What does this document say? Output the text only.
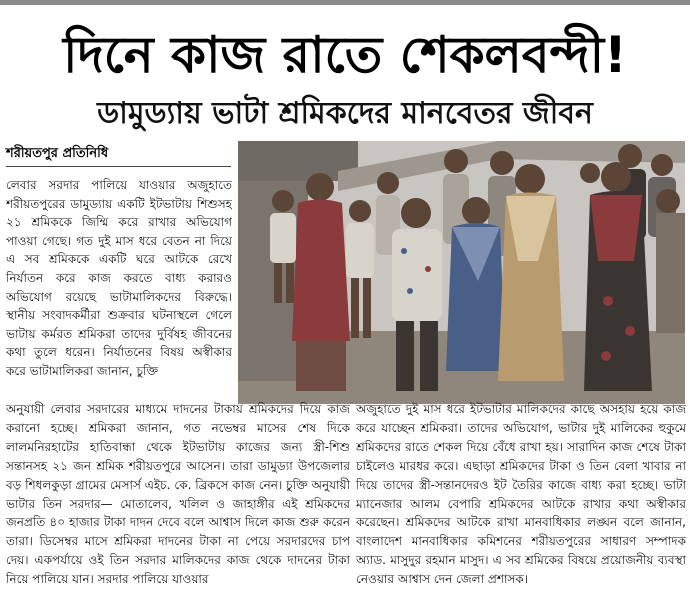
দিনে কাজ রাতে শেকলবন্দী!
ডামুড্যায় ভাটা শ্রমিকদের মানবেতর জীবন
শরীয়তপুর প্রতিনিধি
লেবার সরদার পালিয়ে যাওয়ার অজুহাতে শরীয়তপুরের ডামুড্যায় একটি ইটভাটায় শিশুসহ ২১ শ্রমিককে জিম্মি করে রাখার অভিযোগ পাওয়া গেছে। গত দুই মাস ধরে বেতন না দিয়ে এ সব শ্রমিককে একটি ঘরে আটকে রেখে নির্যাতন করে কাজ করতে বাধ্য করারও অভিযোগ রয়েছে ভাটামালিকদের বিরুদ্ধে। স্থানীয় সংবাদকর্মীরা শুক্রবার ঘটনাস্থলে গেলে ভাটায় কর্মরত শ্রমিকরা তাদের দুর্বিষহ জীবনের কথা তুলে ধরেন। নির্যাতনের বিষয় অস্বীকার করে ভাটামালিকরা জানান, চুক্তি
অনুযায়ী লেবার সরদারের মাধ্যমে দাদনের টাকায় শ্রমিকদের দিয়ে কাজ করানো হচ্ছে। শ্রমিকরা জানান, গত নভেম্বর মাসের শেষ দিকে লালমনিরহাটের হাতিবান্ধা থেকে ইটভাটায় কাজের জন্য স্ত্রী-শিশু সন্তানসহ ২১ জন শ্রমিক শরীয়তপুরে আসেন। তারা ডামুড্যা উপজেলার বড় শিধলকুড়া গ্রামের মেসার্স এইচ. কে. ব্রিকসে কাজ নেন। চুক্তি অনুযায়ী ভাটার তিন সরদার— মোতালেব, খলিল ও জাহাঙ্গীর এই শ্রমিকদের জনপ্রতি ৪০ হাজার টাকা দাদন দেবে বলে আশ্বাস দিলে কাজ শুরু করেন তারা। ডিসেম্বর মাসে শ্রমিকরা দাদনের টাকা না পেয়ে সরদারদের চাপ দেয়। একপর্যায়ে ওই তিন সরদার মালিকদের কাজ থেকে দাদনের টাকা নিয়ে পালিয়ে যান। সরদার পালিয়ে যাওয়ার
অজুহাতে দুই মাস ধরে ইটভাটার মালিকদের কাছে অসহায় হয়ে কাজ করে যাচ্ছেন শ্রমিকরা। তাদের অভিযোগ, ভাটার দুই মালিকের হুকুমে শ্রমিকদের রাতে শেকল দিয়ে বেঁধে রাখা হয়। সারাদিন কাজ শেষে টাকা চাইলেও মারধর করে। এছাড়া শ্রমিকদের টাকা ও তিন বেলা খাবার না দিয়ে তাদের স্ত্রী-সন্তানদেরও ইট তৈরির কাজে বাধ্য করা হচ্ছে। ভাটা ম্যানেজার আলম বেপারি শ্রমিকদের আটকে রাখার কথা অস্বীকার করেছেন। শ্রমিকদের আটকে রাখা মানবাধিকার লঙ্ঘন বলে জানান, বাংলাদেশ মানবাধিকার কমিশনের শরীয়তপুরের সাধারণ সম্পাদক অ্যাড. মাসুদুর রহমান মাসুদ। এ সব শ্রমিকের বিষয়ে প্রয়োজনীয় ব্যবস্থা নেওয়ার আশ্বাস দেন জেলা প্রশাসক।
